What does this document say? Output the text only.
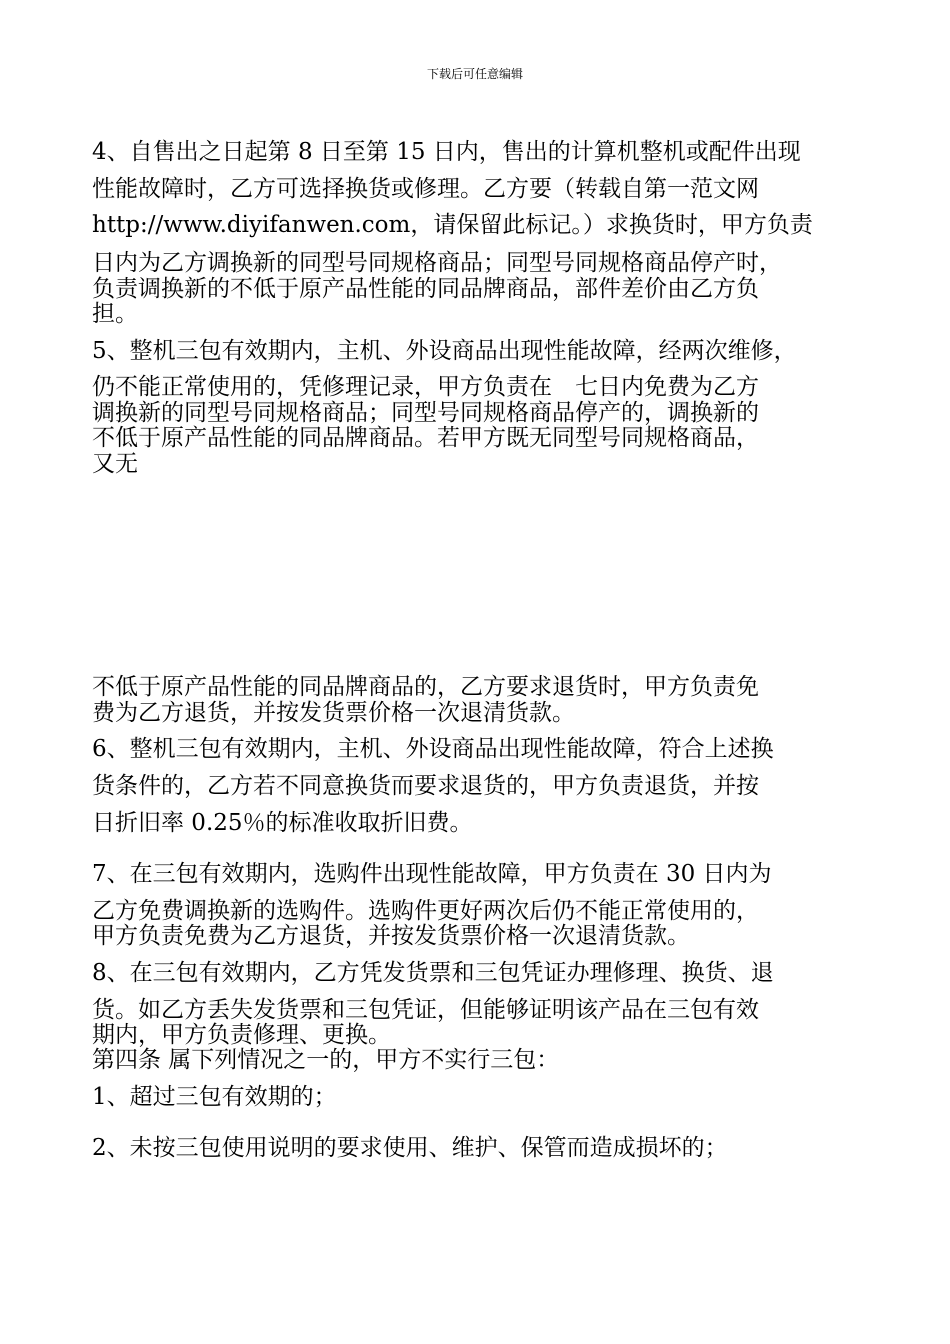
下载后可任意编辑
4、自售出之日起第 8 日至第 15 日内，售出的计算机整机或配件出现
性能故障时，乙方可选择换货或修理。乙方要（转载自第一范文网
http://www.diyifanwen.com，请保留此标记。）求换货时，甲方负责
日内为乙方调换新的同型号同规格商品；同型号同规格商品停产时，
负责调换新的不低于原产品性能的同品牌商品，部件差价由乙方负
担。
5、整机三包有效期内，主机、外设商品出现性能故障，经两次维修，
仍不能正常使用的，凭修理记录，甲方负责在　七日内免费为乙方
调换新的同型号同规格商品；同型号同规格商品停产的，调换新的
不低于原产品性能的同品牌商品。若甲方既无同型号同规格商品，
又无
不低于原产品性能的同品牌商品的，乙方要求退货时，甲方负责免
费为乙方退货，并按发货票价格一次退清货款。
6、整机三包有效期内，主机、外设商品出现性能故障，符合上述换
货条件的，乙方若不同意换货而要求退货的，甲方负责退货，并按
日折旧率 0.25％的标准收取折旧费。
7、在三包有效期内，选购件出现性能故障，甲方负责在 30 日内为
乙方免费调换新的选购件。选购件更好两次后仍不能正常使用的，
甲方负责免费为乙方退货，并按发货票价格一次退清货款。
8、在三包有效期内，乙方凭发货票和三包凭证办理修理、换货、退
货。如乙方丢失发货票和三包凭证，但能够证明该产品在三包有效
期内，甲方负责修理、更换。
第四条 属下列情况之一的，甲方不实行三包：
1、超过三包有效期的；
2、未按三包使用说明的要求使用、维护、保管而造成损坏的；
